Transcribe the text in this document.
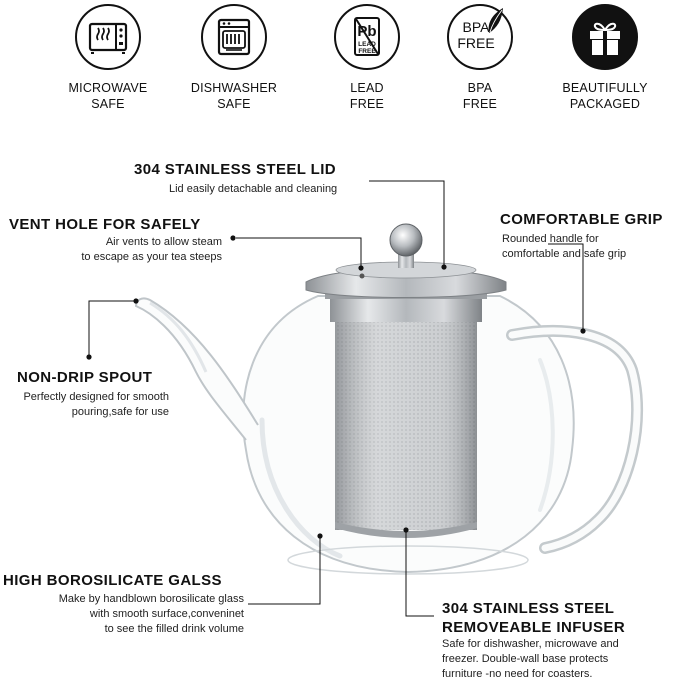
MICROWAVE
SAFE
DISHWASHER
SAFE
Pb
LEAD
FREE
LEAD
FREE
BPA
FREE
BPA
FREE
BEAUTIFULLY
PACKAGED
304 STAINLESS STEEL LID
Lid easily detachable and cleaning
VENT HOLE FOR SAFELY
Air vents to allow steam
to escape as your tea steeps
COMFORTABLE GRIP
Rounded handle for
comfortable and safe grip
NON-DRIP SPOUT
Perfectly designed for smooth
pouring,safe for use
HIGH BOROSILICATE GALSS
Make by handblown borosilicate glass
with smooth surface,conveninet
to see the filled drink volume
304 STAINLESS STEEL
REMOVEABLE INFUSER
Safe for dishwasher, microwave and
freezer. Double-wall base protects
furniture -no need for coasters.
